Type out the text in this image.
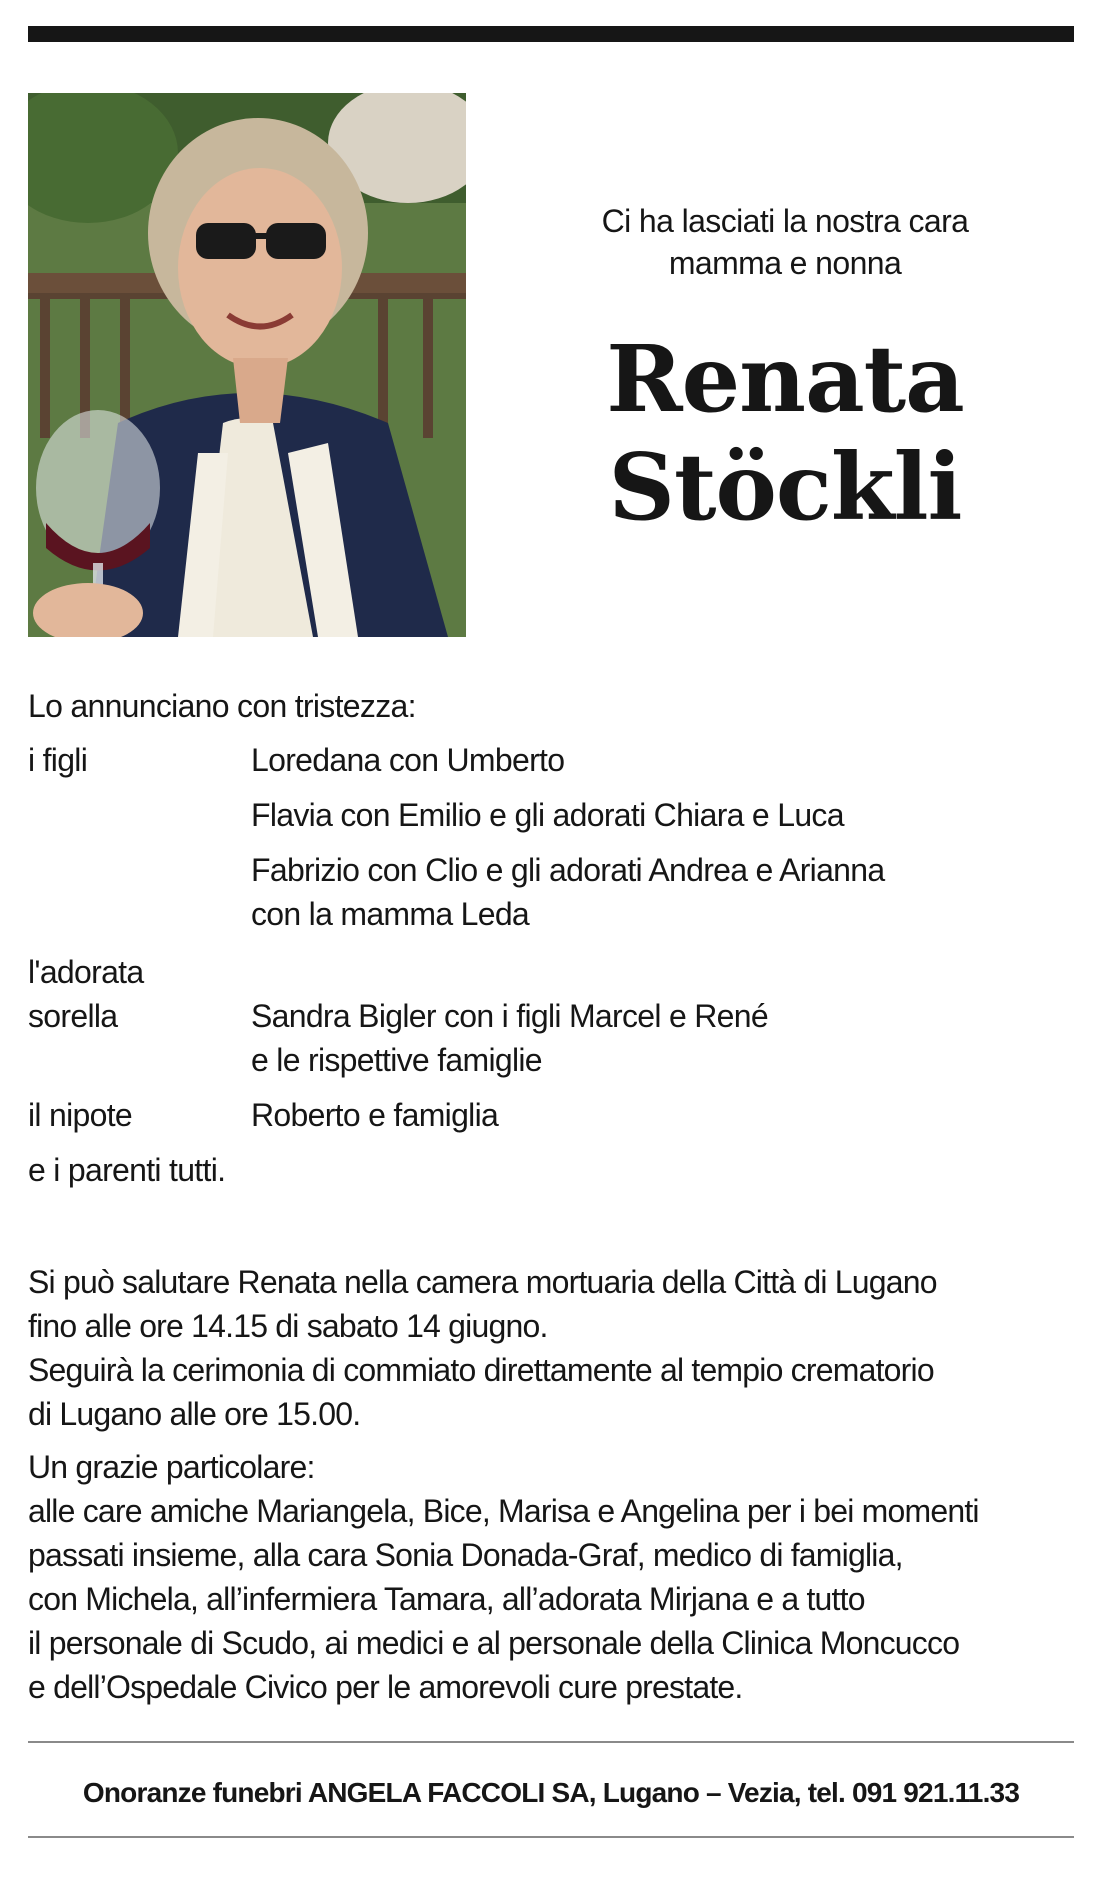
Ci ha lasciati la nostra cara
mamma e nonna
Renata
Stöckli
Lo annunciano con tristezza:
i figli	Loredana con Umberto
Flavia con Emilio e gli adorati Chiara e Luca
Fabrizio con Clio e gli adorati Andrea e Arianna
con la mamma Leda
l'adorata
sorella	Sandra Bigler con i figli Marcel e René
e le rispettive famiglie
il nipote	Roberto e famiglia
e i parenti tutti.
Si può salutare Renata nella camera mortuaria della Città di Lugano
fino alle ore 14.15 di sabato 14 giugno.
Seguirà la cerimonia di commiato direttamente al tempio crematorio
di Lugano alle ore 15.00.
Un grazie particolare:
alle care amiche Mariangela, Bice, Marisa e Angelina per i bei momenti
passati insieme, alla cara Sonia Donada-Graf, medico di famiglia,
con Michela, all’infermiera Tamara, all’adorata Mirjana e a tutto
il personale di Scudo, ai medici e al personale della Clinica Moncucco
e dell’Ospedale Civico per le amorevoli cure prestate.
Onoranze funebri ANGELA FACCOLI SA, Lugano – Vezia, tel. 091 921.11.33
